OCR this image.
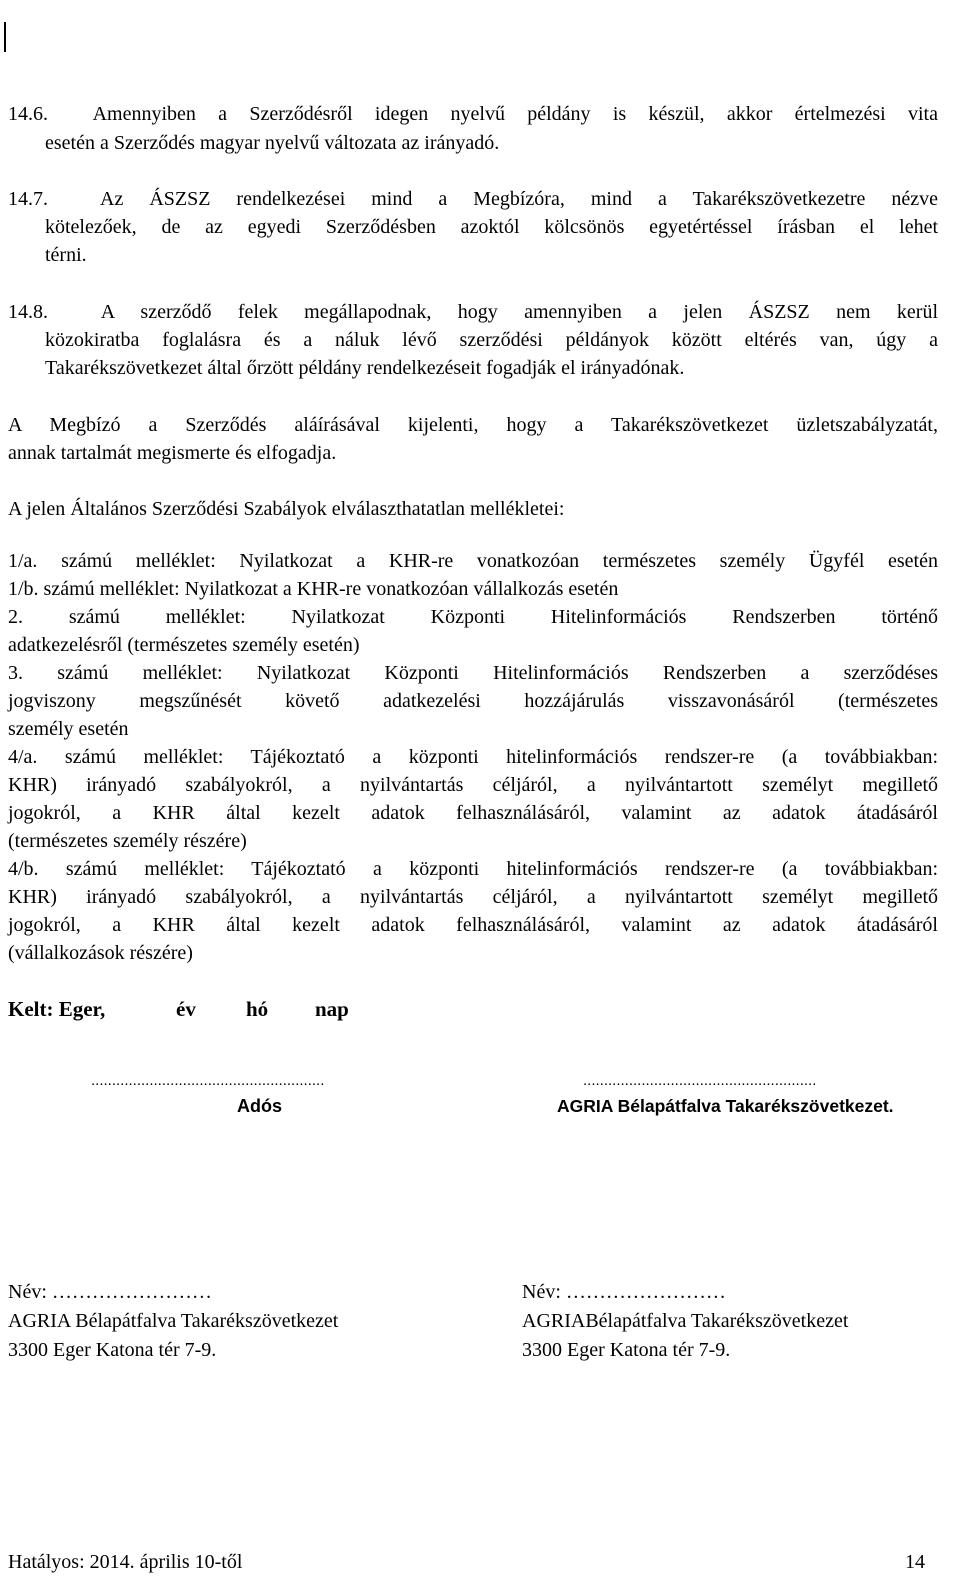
14.6. Amennyiben a Szerződésről idegen nyelvű példány is készül, akkor értelmezési vita
esetén a Szerződés magyar nyelvű változata az irányadó.
14.7.	Az ÁSZSZ rendelkezései mind a Megbízóra, mind a Takarékszövetkezetre nézve
kötelezőek, de az egyedi Szerződésben azoktól kölcsönös egyetértéssel írásban el lehet
térni.
14.8.	A szerződő felek megállapodnak, hogy amennyiben a jelen ÁSZSZ nem kerül
közokiratba foglalásra és a náluk lévő szerződési példányok között eltérés van, úgy a
Takarékszövetkezet által őrzött példány rendelkezéseit fogadják el irányadónak.
A Megbízó a Szerződés aláírásával kijelenti, hogy a Takarékszövetkezet üzletszabályzatát,
annak tartalmát megismerte és elfogadja.
A jelen Általános Szerződési Szabályok elválaszthatatlan mellékletei:
1/a. számú melléklet: Nyilatkozat a KHR-re vonatkozóan természetes személy Ügyfél esetén
1/b. számú melléklet: Nyilatkozat a KHR-re vonatkozóan vállalkozás esetén
2. számú melléklet: Nyilatkozat Központi Hitelinformációs Rendszerben történő
adatkezelésről (természetes személy esetén)
3. számú melléklet: Nyilatkozat Központi Hitelinformációs Rendszerben a szerződéses
jogviszony megszűnését követő adatkezelési hozzájárulás visszavonásáról (természetes
személy esetén
4/a. számú melléklet: Tájékoztató a központi hitelinformációs rendszer-re (a továbbiakban:
KHR) irányadó szabályokról, a nyilvántartás céljáról, a nyilvántartott személyt megillető
jogokról, a KHR által kezelt adatok felhasználásáról, valamint az adatok átadásáról
(természetes személy részére)
4/b. számú melléklet: Tájékoztató a központi hitelinformációs rendszer-re (a továbbiakban:
KHR) irányadó szabályokról, a nyilvántartás céljáról, a nyilvántartott személyt megillető
jogokról, a KHR által kezelt adatok felhasználásáról, valamint az adatok átadásáról
(vállalkozások részére)
Kelt: Eger,	év hó nap
........................................................	........................................................
Adós	AGRIA Bélapátfalva Takarékszövetkezet.
Név: ……………………
AGRIA Bélapátfalva Takarékszövetkezet
3300 Eger Katona tér 7-9.
Név: ……………………
AGRIABélapátfalva Takarékszövetkezet
3300 Eger Katona tér 7-9.
Hatályos: 2014. április 10-től	14
